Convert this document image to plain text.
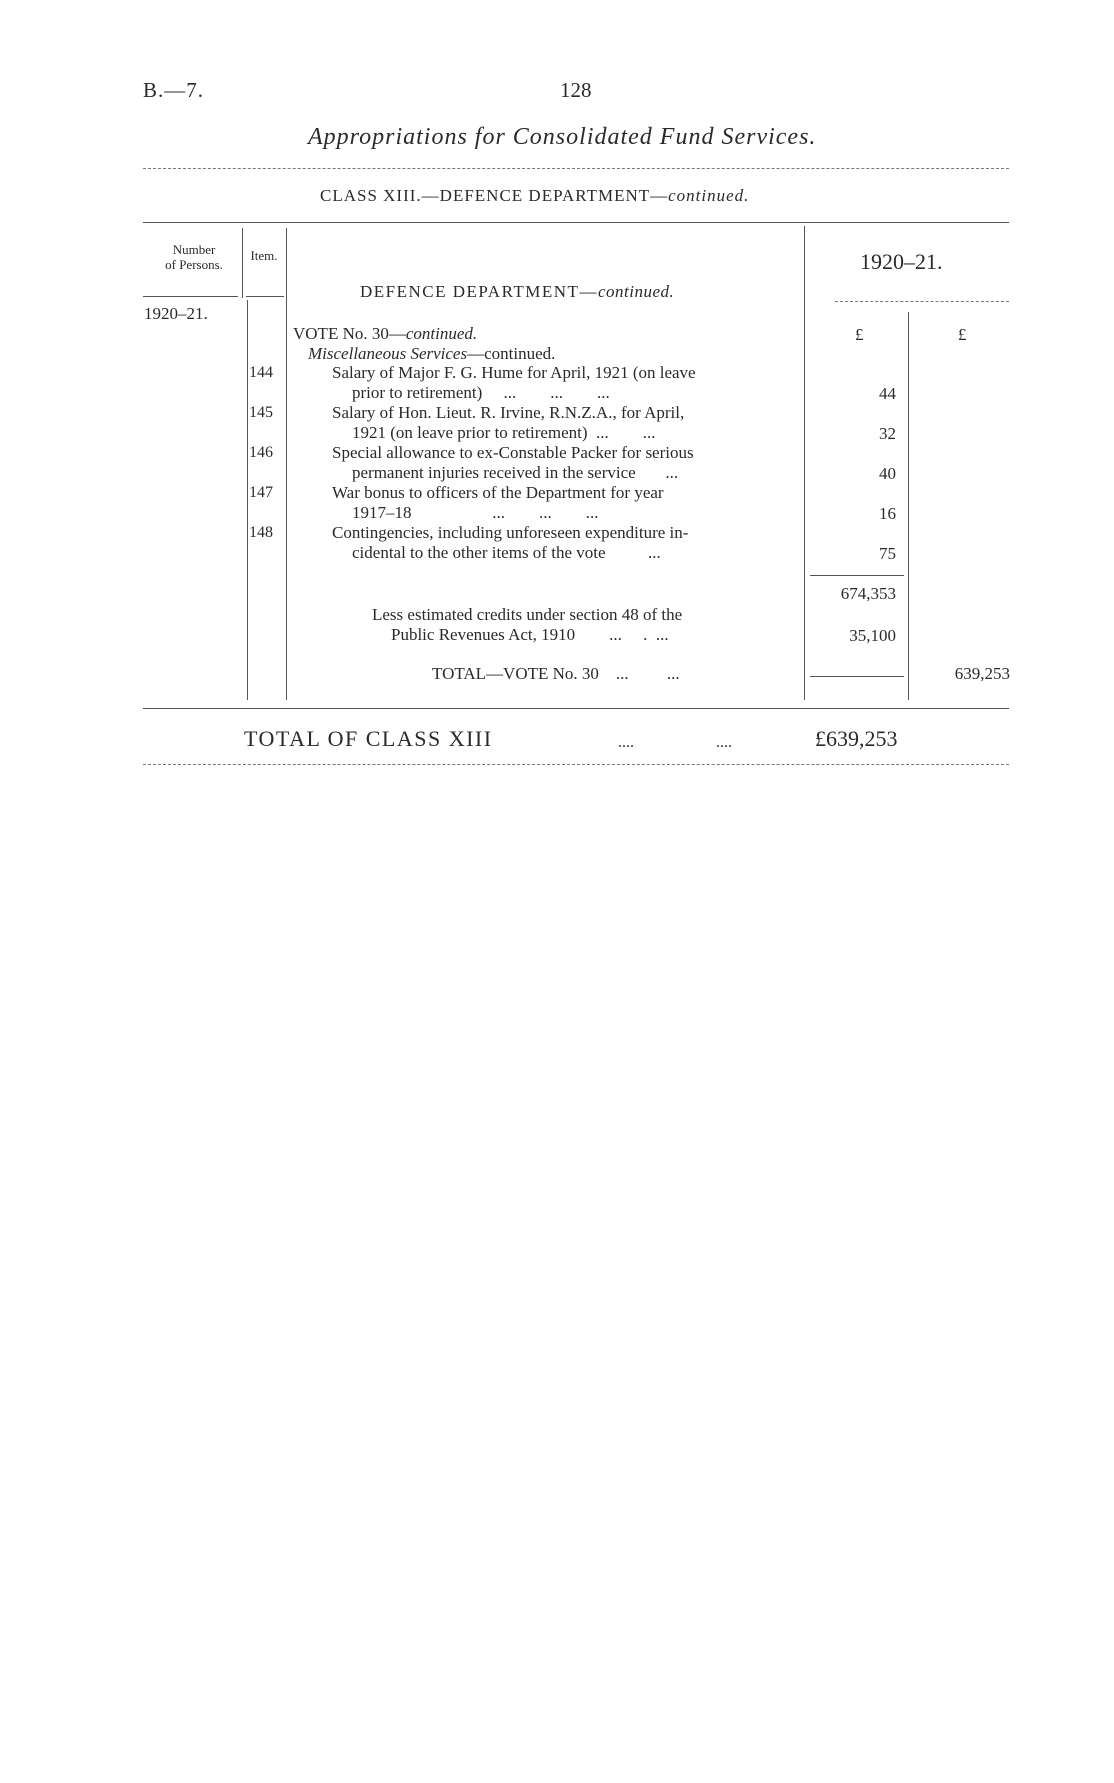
B.—7.	128
Appropriations for Consolidated Fund Services.
CLASS XIII.—DEFENCE DEPARTMENT—continued.
Number
of Persons.
Item.	1920–21.
DEFENCE DEPARTMENT—continued.
1920–21.
£	£
VOTE No. 30—continued.
Miscellaneous Services—continued.
144	Salary of Major F. G. Hume for April, 1921 (on leave
prior to retirement)     ...        ...        ...	44
145	Salary of Hon. Lieut. R. Irvine, R.N.Z.A., for April,
1921 (on leave prior to retirement)  ...        ...	32
146	Special allowance to ex-Constable Packer for serious
permanent injuries received in the service       ...	40
147	War bonus to officers of the Department for year
1917–18                   ...        ...        ...	16
148	Contingencies, including unforeseen expenditure in-
cidental to the other items of the vote          ...	75
674,353
Less estimated credits under section 48 of the
Public Revenues Act, 1910        ...     .  ...	35,100
TOTAL—VOTE No. 30    ...         ...	639,253
TOTAL OF CLASS XIII	....	....	£639,253
